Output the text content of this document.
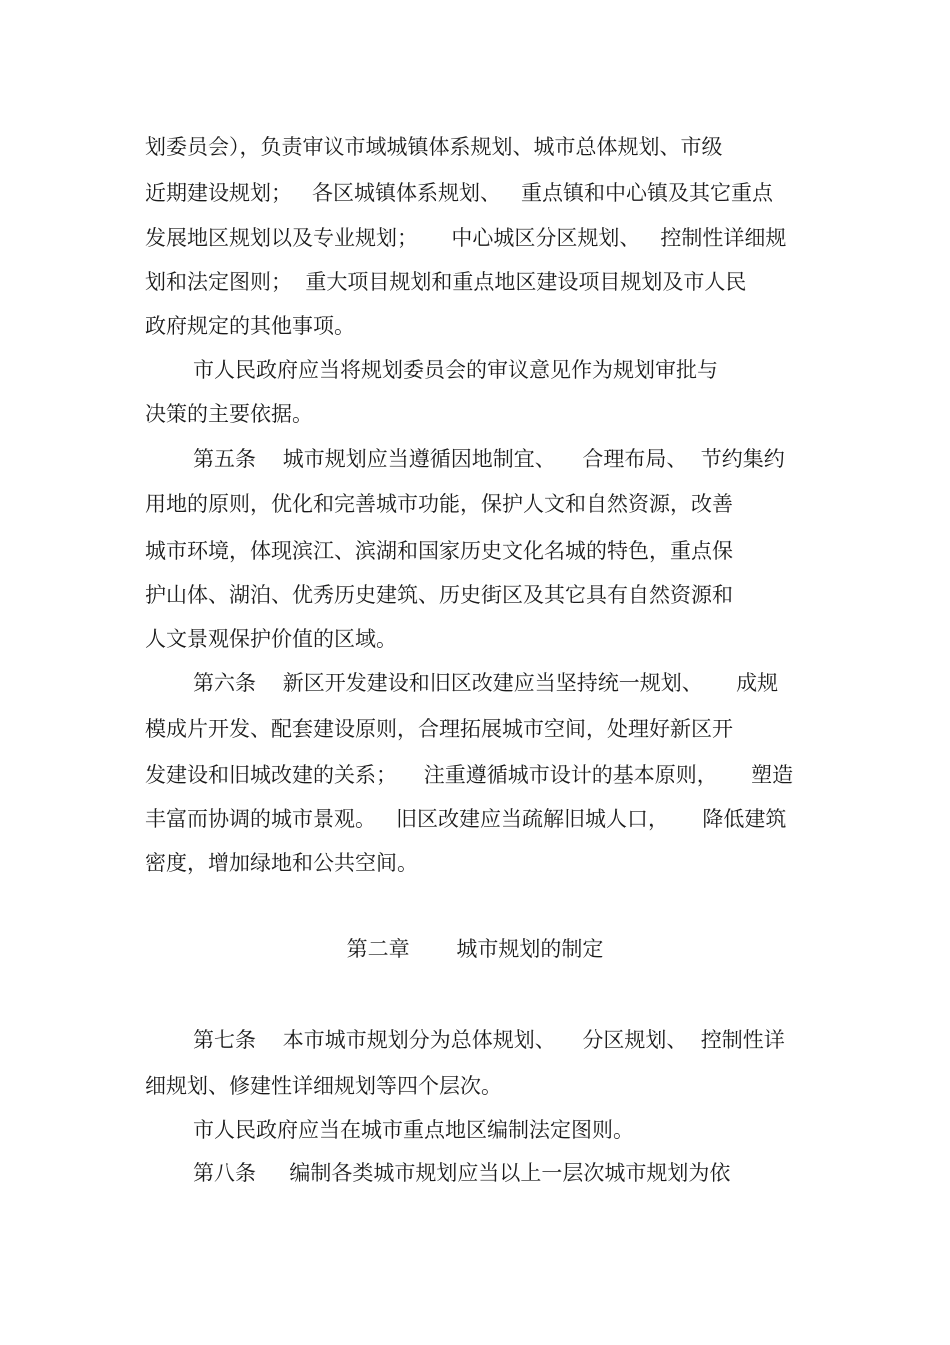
划委员会），负责审议市域城镇体系规划、城市总体规划、市级
近期建设规划；   各区城镇体系规划、   重点镇和中心镇及其它重点
发展地区规划以及专业规划；     中心城区分区规划、   控制性详细规
划和法定图则；  重大项目规划和重点地区建设项目规划及市人民
政府规定的其他事项。
市人民政府应当将规划委员会的审议意见作为规划审批与
决策的主要依据。
第五条    城市规划应当遵循因地制宜、    合理布局、  节约集约
用地的原则，优化和完善城市功能，保护人文和自然资源，改善
城市环境，体现滨江、滨湖和国家历史文化名城的特色，重点保
护山体、湖泊、优秀历史建筑、历史街区及其它具有自然资源和
人文景观保护价值的区域。
第六条    新区开发建设和旧区改建应当坚持统一规划、     成规
模成片开发、配套建设原则，合理拓展城市空间，处理好新区开
发建设和旧城改建的关系；    注重遵循城市设计的基本原则，     塑造
丰富而协调的城市景观。   旧区改建应当疏解旧城人口，     降低建筑
密度，增加绿地和公共空间。
第二章       城市规划的制定
第七条    本市城市规划分为总体规划、    分区规划、  控制性详
细规划、修建性详细规划等四个层次。
市人民政府应当在城市重点地区编制法定图则。
第八条     编制各类城市规划应当以上一层次城市规划为依
